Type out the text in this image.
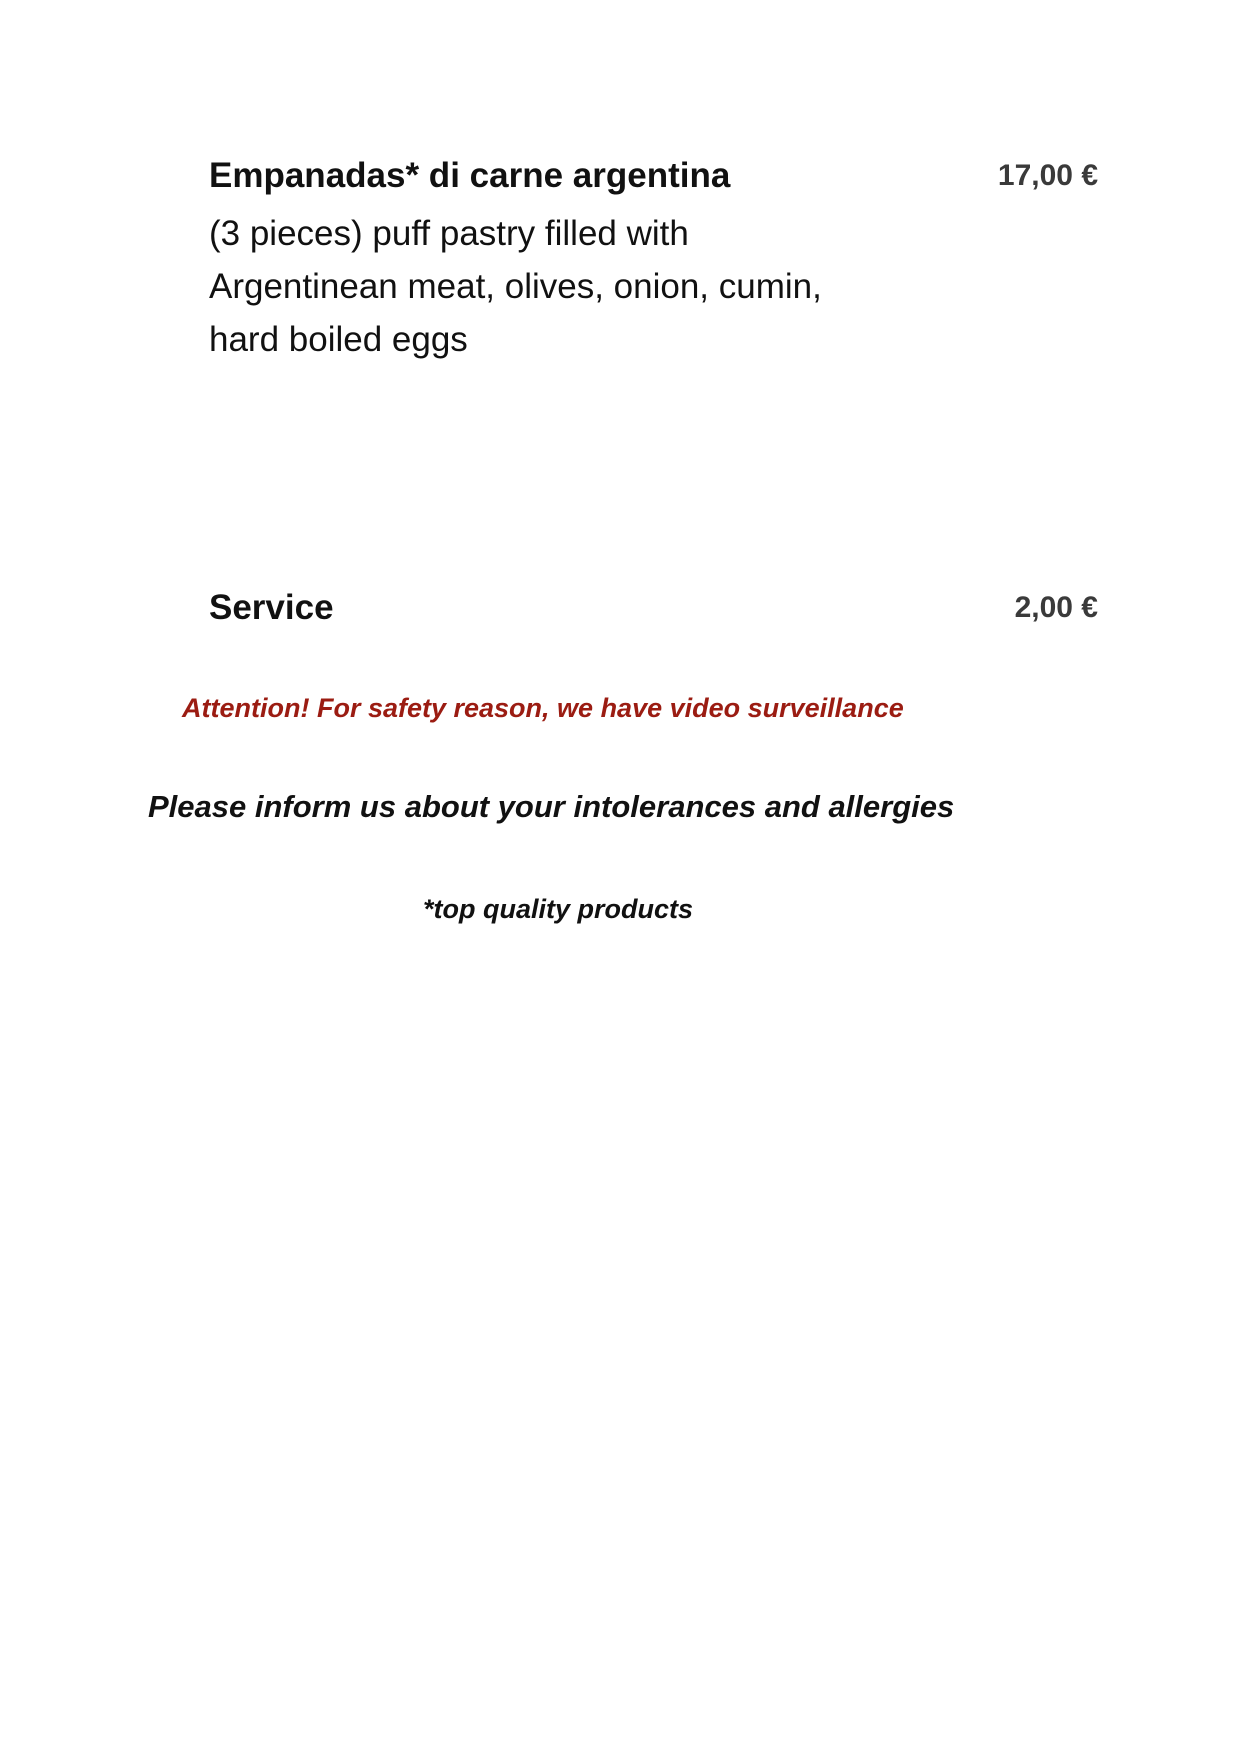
Empanadas* di carne argentina	17,00 €
(3 pieces) puff pastry filled with
Argentinean meat, olives, onion, cumin,
hard boiled eggs
Service	2,00 €
Attention! For safety reason, we have video surveillance
Please inform us about your intolerances and allergies
*top quality products
